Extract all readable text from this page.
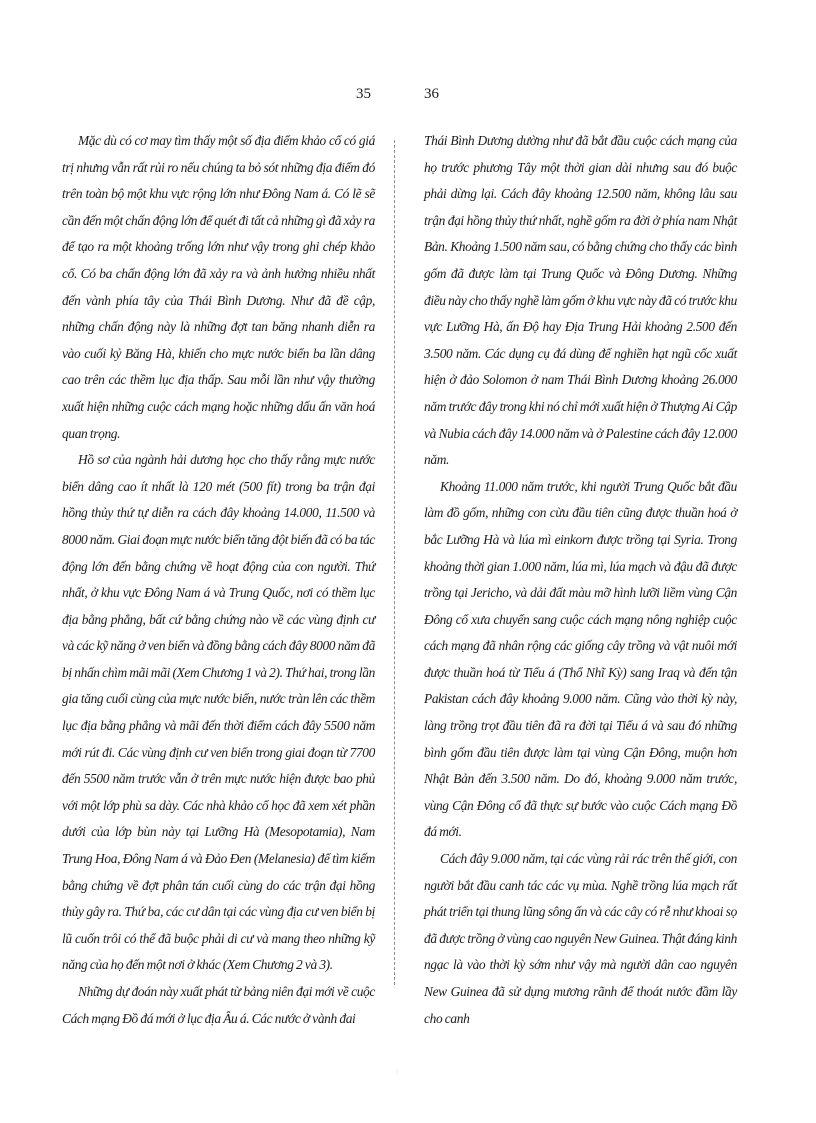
35	36

Mặc dù có cơ may tìm thấy một số địa điểm khảo cổ có giá trị nhưng vẫn rất rủi ro nếu chúng ta bỏ sót những địa điểm đó trên toàn bộ một khu vực rộng lớn như Đông Nam á. Có lẽ sẽ cần đến một chấn động lớn để quét đi tất cả những gì đã xảy ra để tạo ra một khoảng trống lớn như vậy trong ghi chép khảo cổ. Có ba chấn động lớn đã xảy ra và ảnh hưởng nhiều nhất đến vành phía tây của Thái Bình Dương. Như đã đề cập, những chấn động này là những đợt tan băng nhanh diễn ra vào cuối kỷ Băng Hà, khiến cho mực nước biển ba lần dâng cao trên các thềm lục địa thấp. Sau mỗi lần như vậy thường xuất hiện những cuộc cách mạng hoặc những dấu ấn văn hoá quan trọng.

Hồ sơ của ngành hải dương học cho thấy rằng mực nước biển dâng cao ít nhất là 120 mét (500 fít) trong ba trận đại hồng thủy thứ tự diễn ra cách đây khoảng 14.000, 11.500 và 8000 năm. Giai đoạn mực nước biển tăng đột biến đã có ba tác động lớn đến bằng chứng về hoạt động của con người. Thứ nhất, ở khu vực Đông Nam á và Trung Quốc, nơi có thềm lục địa bằng phẳng, bất cứ bằng chứng nào về các vùng định cư và các kỹ năng ở ven biển và đồng bằng cách đây 8000 năm đã bị nhấn chìm mãi mãi (Xem Chương 1 và 2). Thứ hai, trong lần gia tăng cuối cùng của mực nước biển, nước tràn lên các thềm lục địa bằng phẳng và mãi đến thời điểm cách đây 5500 năm mới rút đi. Các vùng định cư ven biển trong giai đoạn từ 7700 đến 5500 năm trước vẫn ở trên mực nước hiện được bao phủ với một lớp phù sa dày. Các nhà khảo cổ học đã xem xét phần dưới của lớp bùn này tại Lưỡng Hà (Mesopotamia), Nam Trung Hoa, Đông Nam á và Đảo Đen (Melanesia) để tìm kiếm bằng chứng về đợt phân tán cuối cùng do các trận đại hồng thủy gây ra. Thứ ba, các cư dân tại các vùng địa cư ven biển bị lũ cuốn trôi có thể đã buộc phải di cư và mang theo những kỹ năng của họ đến một nơi ở khác (Xem Chương 2 và 3).

Những dự đoán này xuất phát từ bảng niên đại mới về cuộc Cách mạng Đồ đá mới ở lục địa Âu á. Các nước ở vành đai

Thái Bình Dương dường như đã bắt đầu cuộc cách mạng của họ trước phương Tây một thời gian dài nhưng sau đó buộc phải dừng lại. Cách đây khoảng 12.500 năm, không lâu sau trận đại hồng thủy thứ nhất, nghề gốm ra đời ở phía nam Nhật Bản. Khoảng 1.500 năm sau, có bằng chứng cho thấy các bình gốm đã được làm tại Trung Quốc và Đông Dương. Những điều này cho thấy nghề làm gốm ở khu vực này đã có trước khu vực Lưỡng Hà, ấn Độ hay Địa Trung Hải khoảng 2.500 đến 3.500 năm. Các dụng cụ đá dùng để nghiền hạt ngũ cốc xuất hiện ở đảo Solomon ở nam Thái Bình Dương khoảng 26.000 năm trước đây trong khi nó chỉ mới xuất hiện ở Thượng Ai Cập và Nubia cách đây 14.000 năm và ở Palestine cách đây 12.000 năm.

Khoảng 11.000 năm trước, khi người Trung Quốc bắt đầu làm đồ gốm, những con cừu đầu tiên cũng được thuần hoá ở bắc Lưỡng Hà và lúa mì einkorn được trồng tại Syria. Trong khoảng thời gian 1.000 năm, lúa mì, lúa mạch và đậu đã được trồng tại Jericho, và dải đất màu mỡ hình lưỡi liềm vùng Cận Đông cổ xưa chuyển sang cuộc cách mạng nông nghiệp cuộc cách mạng đã nhân rộng các giống cây trồng và vật nuôi mới được thuần hoá từ Tiểu á (Thổ Nhĩ Kỳ) sang Iraq và đến tận Pakistan cách đây khoảng 9.000 năm. Cũng vào thời kỳ này, làng trồng trọt đầu tiên đã ra đời tại Tiểu á và sau đó những bình gốm đầu tiên được làm tại vùng Cận Đông, muộn hơn Nhật Bản đến 3.500 năm. Do đó, khoảng 9.000 năm trước, vùng Cận Đông cổ đã thực sự bước vào cuộc Cách mạng Đồ đá mới.

Cách đây 9.000 năm, tại các vùng rải rác trên thế giới, con người bắt đầu canh tác các vụ mùa. Nghề trồng lúa mạch rất phát triển tại thung lũng sông ấn và các cây có rễ như khoai sọ đã được trồng ở vùng cao nguyên New Guinea. Thật đáng kinh ngạc là vào thời kỳ sớm như vậy mà người dân cao nguyên New Guinea đã sử dụng mương rãnh để thoát nước đầm lầy cho canh

⁝
